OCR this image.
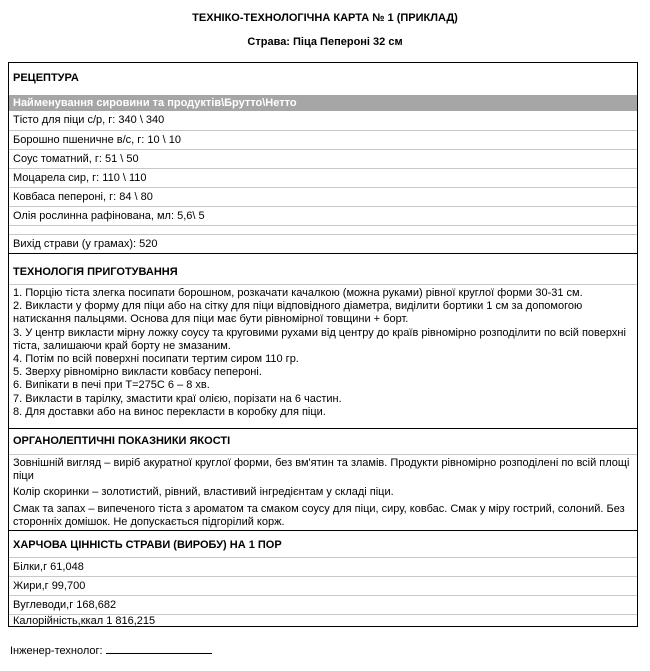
ТЕХНІКО-ТЕХНОЛОГІЧНА КАРТА № 1 (ПРИКЛАД)
Страва: Піца Пепероні 32 см
РЕЦЕПТУРА
Найменування сировини та продуктів\Брутто\Нетто
Тісто для піци с/р, г: 340 \ 340
Борошно пшеничне в/с, г: 10 \ 10
Соус томатний, г: 51 \ 50
Моцарела сир, г: 110 \ 110
Ковбаса пепероні, г: 84 \ 80
Олія рослинна рафінована, мл: 5,6\ 5
Вихід страви (у грамах): 520
ТЕХНОЛОГІЯ ПРИГОТУВАННЯ
1. Порцію тіста злегка посипати борошном, розкачати качалкою (можна руками) рівної круглої форми 30-31 см.
2. Викласти у форму для піци або на сітку для піци відповідного діаметра, виділити бортики 1 см за допомогою натискання пальцями. Основа для піци має бути рівномірної товщини + борт.
3. У центр викласти мірну ложку соусу та круговими рухами від центру до країв рівномірно розподілити по всій поверхні тіста, залишаючи край борту не змазаним.
4. Потім по всій поверхні посипати тертим сиром 110 гр.
5. Зверху рівномірно викласти ковбасу пепероні.
6. Випікати в печі при Т=275С 6 – 8 хв.
7. Викласти в тарілку, змастити краї олією, порізати на 6 частин.
8. Для доставки або на винос перекласти в коробку для піци.
ОРГАНОЛЕПТИЧНІ ПОКАЗНИКИ ЯКОСТІ
Зовнішній вигляд – виріб акуратної круглої форми, без вм'ятин та зламів. Продукти рівномірно розподілені по всій площі піци
Колір скоринки – золотистий, рівний, властивий інгредієнтам у складі піци.
Смак та запах – випеченого тіста з ароматом та смаком соусу для піци, сиру, ковбас. Смак у міру гострий, солоний. Без сторонніх домішок. Не допускається підгорілий корж.
ХАРЧОВА ЦІННІСТЬ СТРАВИ (ВИРОБУ) НА 1 ПОР
Білки,г 61,048
Жири,г 99,700
Вуглеводи,г 168,682
Калорійність,ккал 1 816,215
Інженер-технолог:
